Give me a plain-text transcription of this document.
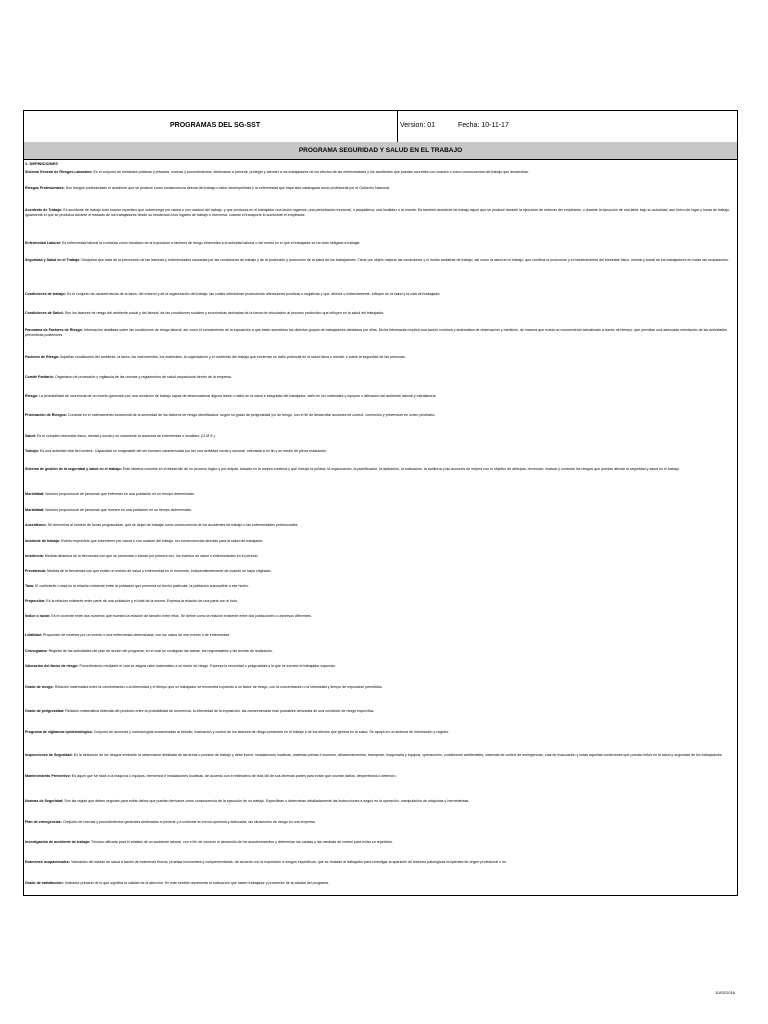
PROGRAMAS DEL SG-SST	Version: 01	Fecha: 10-11-17
PROGRAMA SEGURIDAD Y SALUD EN EL TRABAJO
1. DEFINICIONES
Sistema General de Riesgos Laborales: Es el conjunto de entidades públicas y privadas, normas y procedimientos, destinados a prevenir, proteger y atender a los trabajadores de los efectos de las enfermedades y los accidentes que puedan ocurrirles con ocasión o como consecuencia del trabajo que desarrollan.
Riesgos Profesionales: Son riesgos profesionales el accidente que se produce como consecuencia directa del trabajo o labor desempeñada y la enfermedad que haya sido catalogada como profesional por el Gobierno Nacional.
Accidente de Trabajo: Es accidente de trabajo todo suceso repentino que sobrevenga por causa o con ocasión del trabajo, y que produzca en el trabajador una lesión orgánica, una perturbación funcional, o psiquiátrica, una invalidez o la muerte. Es también accidente de trabajo aquel que se produce durante la ejecución de órdenes del empleador, o durante la ejecución de una labor bajo su autoridad, aún fuera del lugar y horas de trabajo. Igualmente el que se produzca durante el traslado de los trabajadores desde su residencia a los lugares de trabajo o viceversa, cuando el transporte lo suministre el empleador.
Enfermedad Laboral: Es enfermedad laboral la contraída como resultado de la exposición a factores de riesgo inherentes a la actividad laboral o del medio en el que el trabajador se ha visto obligado a trabajar.
Seguridad y Salud en el Trabajo: Disciplina que trata de la prevención de las lesiones y enfermedades causadas por las condiciones de trabajo y de la protección y promoción de la salud de los trabajadores. Tiene por objeto mejorar las condiciones y el medio ambiente de trabajo, así como la salud en el trabajo, que conlleva la promoción y el mantenimiento del bienestar físico, mental y social de los trabajadores en todas las ocupaciones.
Condiciones de trabajo: Es el conjunto de características de la tarea, del entorno y de la organización del trabajo, las cuales interactúan produciendo alteraciones positivas o negativas y que, directa o indirectamente, influyen en la salud y la vida del trabajador.
Condiciones de Salud: Son los factores de riesgo del ambiente social y del laboral, de las condiciones sociales y económicas derivadas de la forma de vinculación al proceso productivo que influyen en la salud del trabajador.
Panorama de Factores de Riesgo: Información detallada sobre las condiciones de riesgo laboral, así como el conocimiento de la exposición a que están sometidos los distintos grupos de trabajadores afectados por ellas. Dicha información implica una acción continua y sistemática de observación y medición, de manera que exista un conocimiento actualizado a través del tiempo, que permitan una adecuada orientación de las actividades preventivas posteriores.
Factores de Riesgo: Aquellas condiciones del ambiente, la tarea, los instrumentos, los materiales, la organización y el contenido del trabajo que encierran un daño potencial en la salud física o mental, o sobre la seguridad de las personas.
Comité Paritario: Organismo de promoción y vigilancia de las normas y reglamentos de salud ocupacional dentro de la empresa.
Riesgo: La probabilidad de ocurrencia de un evento generado por una condición de trabajo capaz de desencadenar alguna lesión o daño en la salud e integridad del trabajador, daño en los materiales y equipos o alteración del ambiente laboral y extralaboral.
Priorización de Riesgos: Consiste en el ordenamiento secuencial de la severidad de los factores de riesgo identificados, según su grado de peligrosidad y/o de riesgo, con el fin de desarrollar acciones de control, corrección y prevención en orden prioritario.
Salud: Es el completo bienestar físico, mental y social y no solamente la ausencia de enfermedad o invalidez. (O.M.S.).
Trabajo: Es una actividad vital del hombre. Capacidad no enajenable del ser humano caracterizada por ser una actividad social y racional, orientada a un fin y un medio de plena realización.
Sistema de gestión de la seguridad y salud en el trabajo: Este sistema consiste en el desarrollo de un proceso lógico y por etapas, basado en la mejora continua y que incluye la política, la organización, la planificación, la aplicación, la evaluación, la auditoría y las acciones de mejora con el objetivo de anticipar, reconocer, evaluar y controlar los riesgos que puedan afectar la seguridad y salud en el trabajo.
Morbilidad: Número proporcional de personas que enferman en una población en un tiempo determinado.
Mortalidad: Número proporcional de personas que mueren en una población en un tiempo determinado.
Ausentismo: Se denomina al número de horas programadas, que se dejan de trabajar como consecuencia de los accidentes de trabajo o las enfermedades profesionales.
Incidente de trabajo: Evento imprevisto que sobreviene por causa o con ocasión del trabajo, sin consecuencias directas para la salud del trabajador.
Incidencia: Medida dinámica de la frecuencia con que se presentan o inician por primera vez, los eventos de salud o enfermedades en el periodo.
Prevalencia: Medida de la frecuencia con que existe un evento de salud o enfermedad en el momento, independientemente de cuando se haya originado.
Tasa: El coeficiente o tasa es la relación existente entre la población que presenta un hecho particular, la población susceptible a ese hecho.
Proporción: Es la relación existente entre parte de una población y el total de la misma. Expresa la relación de una parte con el todo.
Índice o razón: Es el cociente entre dos números que muestra la relación de tamaño entre ellos. Se define como la relación existente entre dos poblaciones o universos diferentes.
Letalidad: Proporción de muertes por un evento o una enfermedad determinada, con los casos de ese evento o de enfermedad.
Cronograma: Registro de las actividades del plan de acción del programa, en el cual se consignan las tareas, los responsables y las fechas de realización.
Valoración del factor de riesgo: Procedimiento mediante el cual se asigna valor matemático a un factor de riesgo. Expresa la severidad o peligrosidad a la que se somete el trabajador expuesto.
Grado de riesgo: Relación matemática entre la concentración o la intensidad y el tiempo que un trabajador se encuentra expuesto a un factor de riesgo, con la concentración o la intensidad y tiempo de exposición permitidos.
Grado de peligrosidad: Relación matemática obtenida del producto entre la probabilidad de ocurrencia, la intensidad de la exposición, las consecuencias más probables derivadas de una condición de riesgo específica.
Programa de vigilancia epidemiológica: Conjunto de acciones y metodologías encaminadas al estudio, evaluación y control de los factores de riesgo presentes en el trabajo y de los efectos que genera en la salud. Se apoya en un sistema de información y registro.
Inspecciones de Seguridad: Es la detección de los riesgos mediante la observación detallada de las áreas o puestos de trabajo y debe incluir: instalaciones locativas, materias primas e insumos, almacenamientos, transporte, maquinaria y equipos, operaciones, condiciones ambientales, sistemas de control de emergencias, vías de evacuación y todas aquellas condiciones que puedan influir en la salud y seguridad de los trabajadores.
Mantenimiento Preventivo: Es aquel que se hace a la máquina o equipos, elementos e instalaciones locativas, de acuerdo con el estimativo de vida útil de sus diversas partes para evitar que ocurran daños, desperfectos o deterioro.
Normas de Seguridad: Son las reglas que deben seguirse para evitar daños que puedan derivarse como consecuencia de la ejecución de un trabajo. Especifican o determinan detalladamente las instrucciones a seguir en la operación, manipulación de máquinas y herramientas.
Plan de emergencias: Conjunto de normas y procedimientos generales destinados a prevenir y a controlar en forma oportuna y adecuada, las situaciones de riesgo en una empresa.
Investigación de accidente de trabajo: Técnica utilizada para el análisis de un accidente laboral, con el fin de conocer el desarrollo de los acontecimientos y determinar las causas y las medidas de control para evitar su repetición.
Exámenes ocupacionales: Valoración del estado de salud a través de exámenes físicos, pruebas funcionales y complementarias, de acuerdo con la exposición a riesgos específicos, que se realizan al trabajador para investigar la aparición de lesiones patológicas incipientes de origen profesional o no.
Grado de satisfacción: Indicador primario de lo que significa la calidad de la atención. En este sentido representa la evaluación que hacen trabajador y proveedor de la calidad del programa.
10/02/2016
